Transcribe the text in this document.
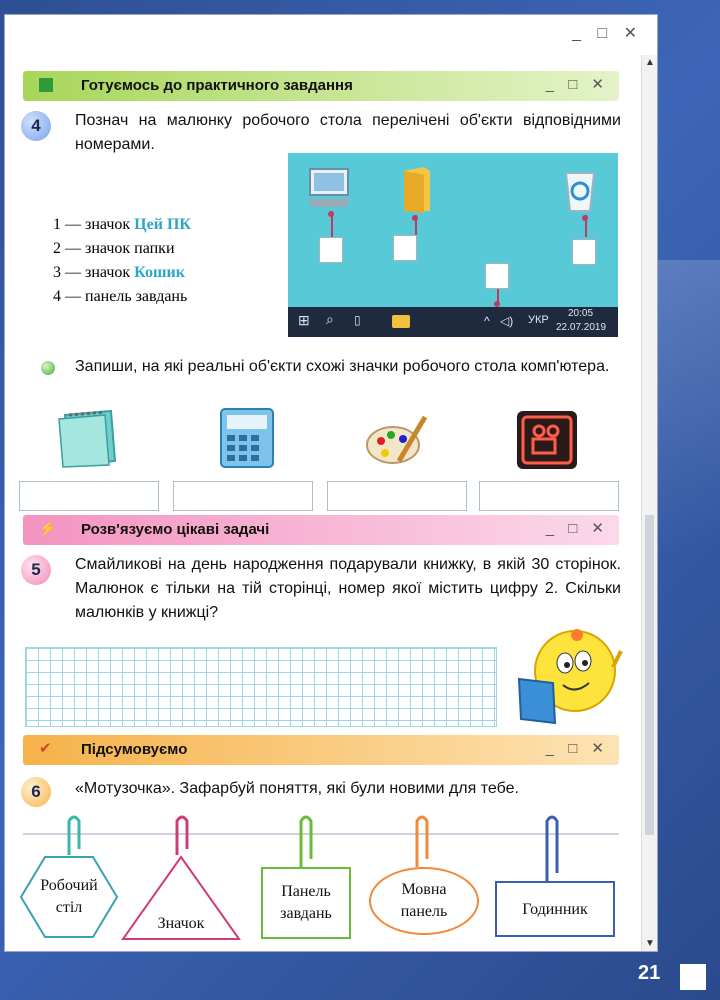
_ □ ✕
▲
▼
Готуємось до практичного завдання	_ □ ✕
4	Познач на малюнку робочого стола перелічені об'єкти відповідними номерами.
1 — значок Цей ПК
2 — значок папки
3 — значок Кошик
4 — панель завдань
⊞ ⌕ ▯	^ ◁) УКР
20:05
22.07.2019
Запиши, на які реальні об'єкти схожі значки робочого стола комп'ютера.
⚡ Розв'язуємо цікаві задачі	_ □ ✕
5	Смайликові на день народження подарували книжку, в якій 30 сторінок. Малюнок є тільки на тій сторінці, номер якої містить цифру 2. Скільки малюнків у книжці?
✔ Підсумовуємо	_ □ ✕
6	«Мотузочка». Зафарбуй поняття, які були новими для тебе.
Робочий
стіл
Значок
Панель
завдань
Мовна
панель	Годинник
21
